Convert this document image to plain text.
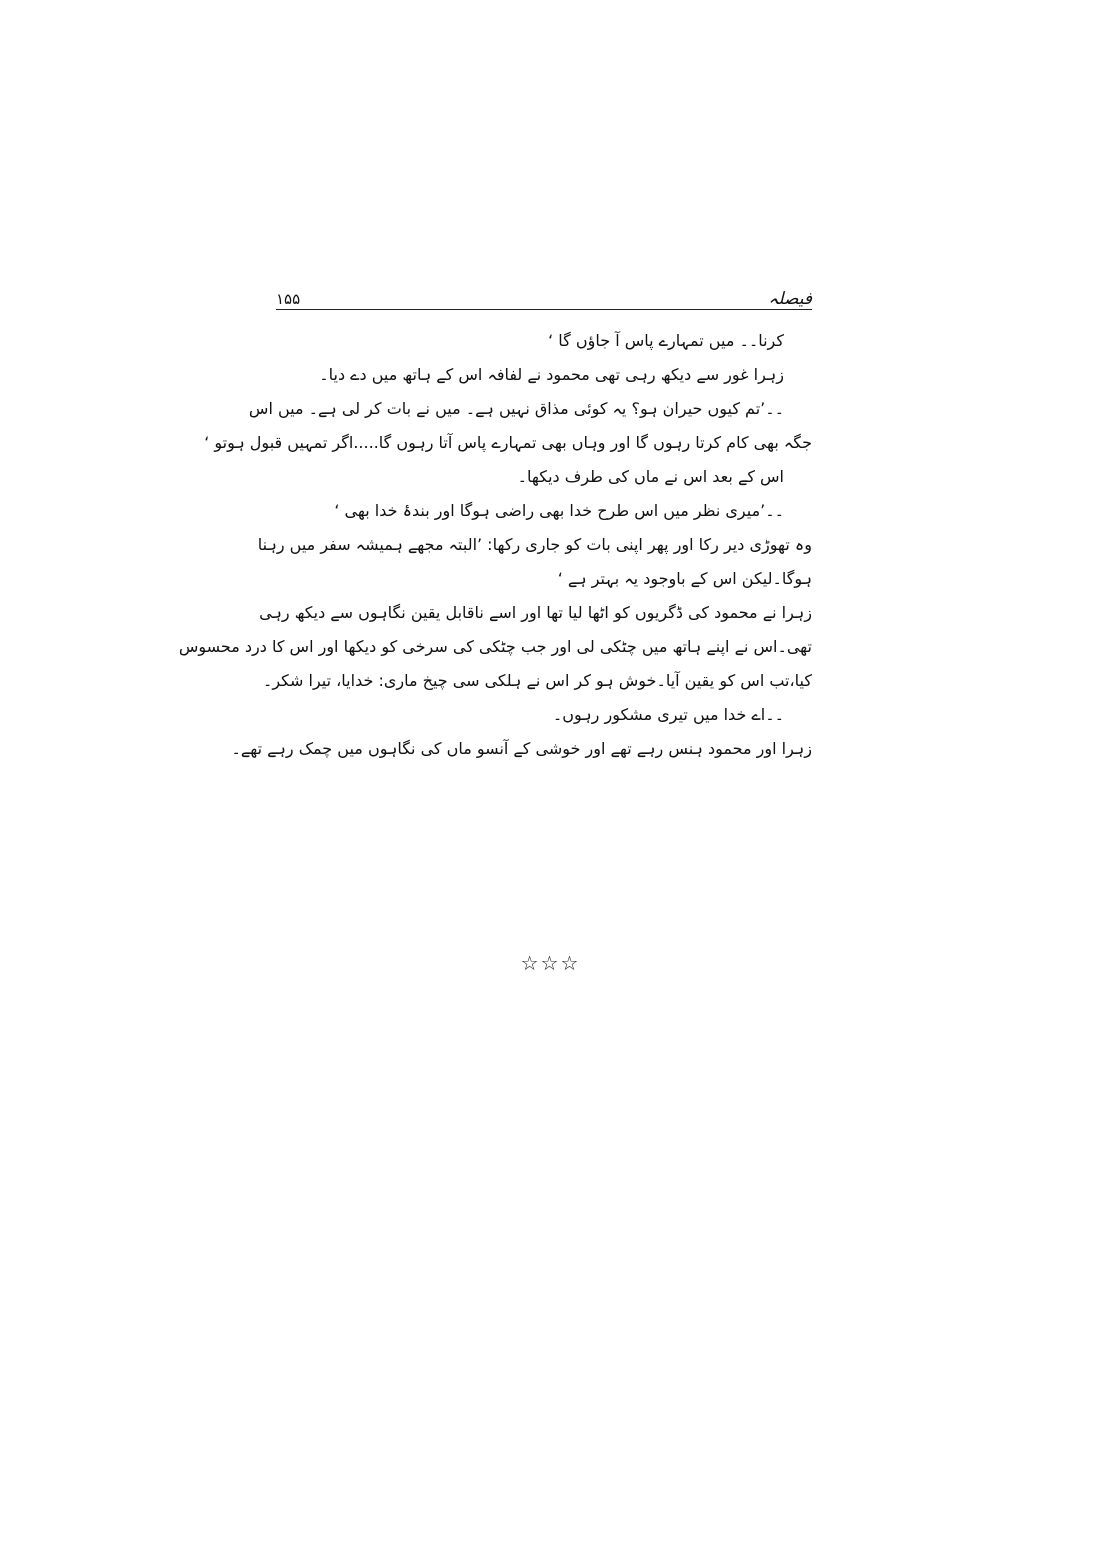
فیصلہ
۱۵۵
کرنا۔۔ میں تمہارے پاس آ جاؤں گا ‘
زہرا غور سے دیکھ رہی تھی محمود نے لفافہ اس کے ہاتھ میں دے دیا۔
۔۔’تم کیوں حیران ہو؟ یہ کوئی مذاق نہیں ہے۔ میں نے بات کر لی ہے۔ میں اس
جگہ بھی کام کرتا رہوں گا اور وہاں بھی تمہارے پاس آتا رہوں گا.....اگر تمہیں قبول ہوتو ‘
اس کے بعد اس نے ماں کی طرف دیکھا۔
۔۔’میری نظر میں اس طرح خدا بھی راضی ہوگا اور بندۂ خدا بھی ‘
وہ تھوڑی دیر رکا اور پھر اپنی بات کو جاری رکھا: ’البتہ مجھے ہمیشہ سفر میں رہنا
ہوگا۔لیکن اس کے باوجود یہ بہتر ہے ‘
زہرا نے محمود کی ڈگریوں کو اٹھا لیا تھا اور اسے ناقابل یقین نگاہوں سے دیکھ رہی
تھی۔اس نے اپنے ہاتھ میں چٹکی لی اور جب چٹکی کی سرخی کو دیکھا اور اس کا درد محسوس
کیا،تب اس کو یقین آیا۔خوش ہو کر اس نے ہلکی سی چیخ ماری: خدایا، تیرا شکر۔
۔۔اے خدا میں تیری مشکور رہوں۔
زہرا اور محمود ہنس رہے تھے اور خوشی کے آنسو ماں کی نگاہوں میں چمک رہے تھے۔
☆☆☆
